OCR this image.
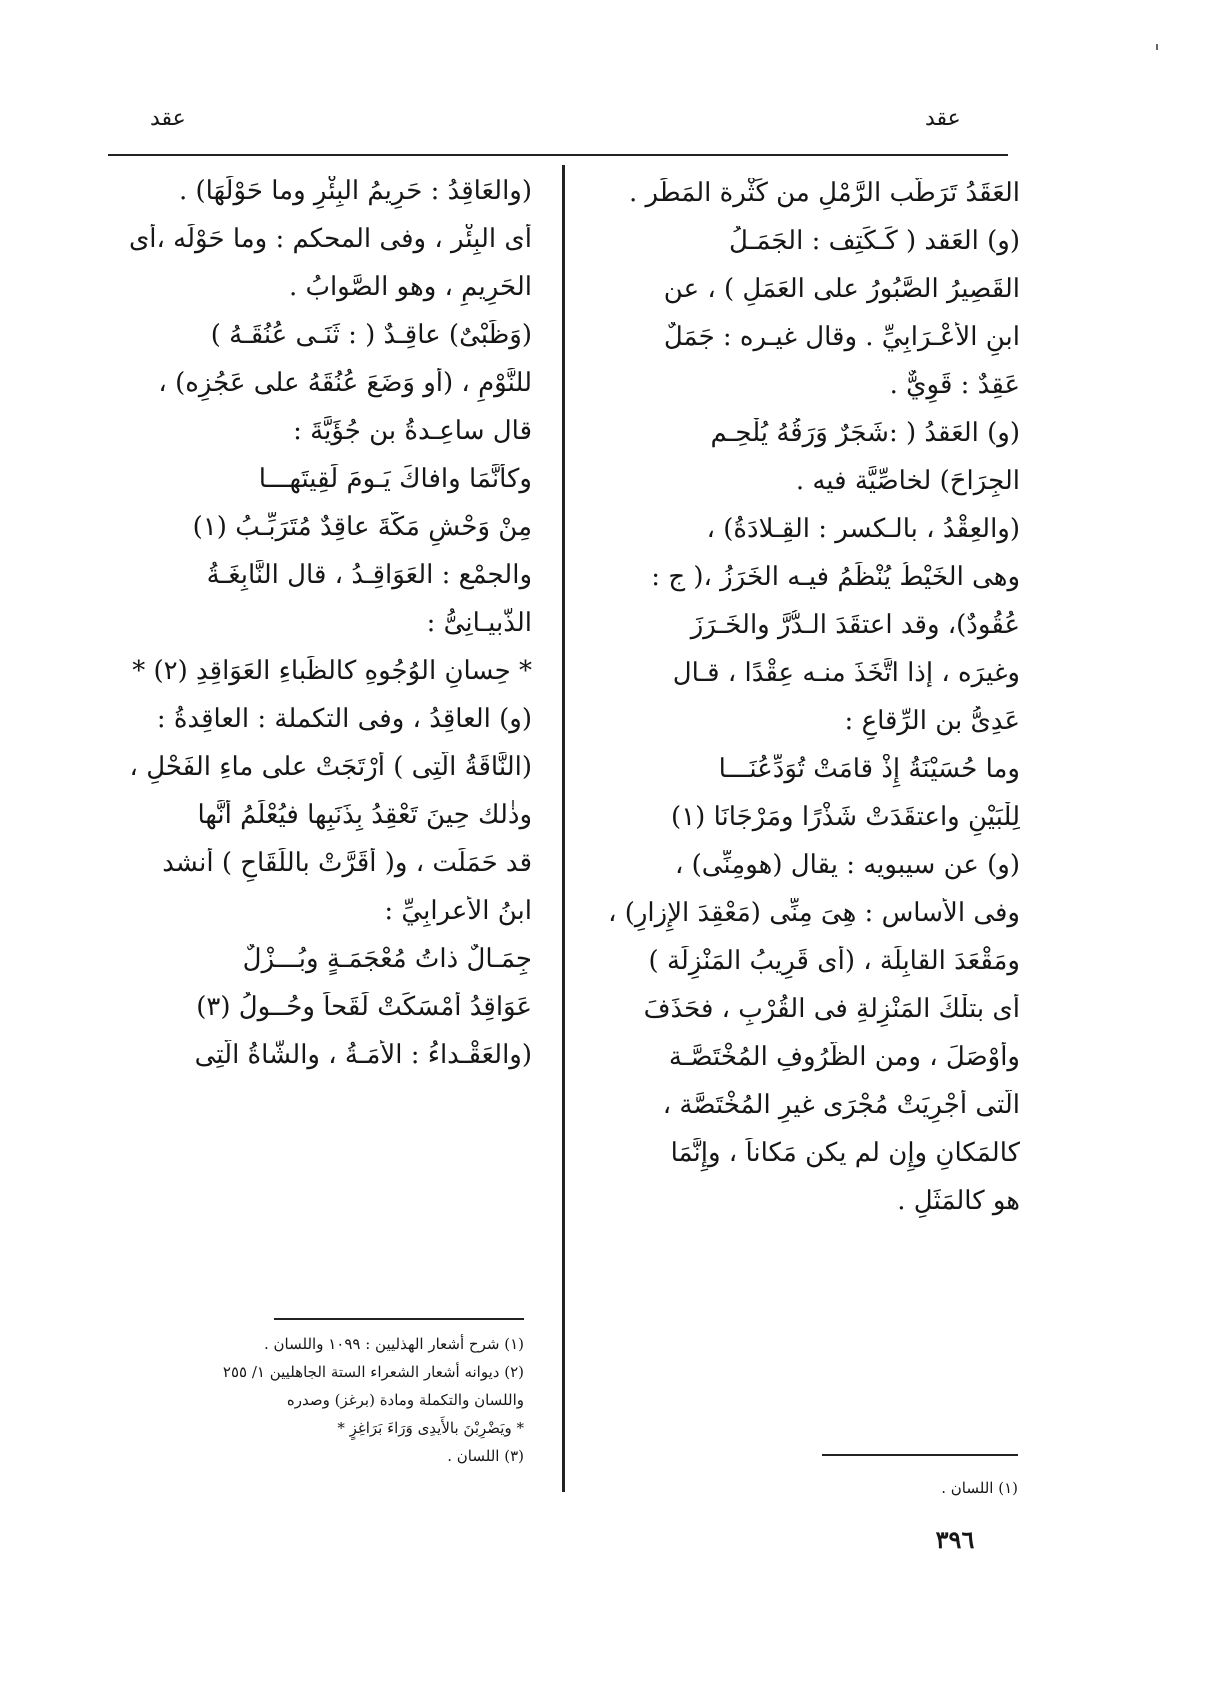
عقد
عقد
العَقَدُ تَرَطُّب الرَّمْلِ من كَثْرة المَطَر .
(و) العَقد ( كَـكَتِف : الجَمَـلُ
القَصِيرُ الصَّبُورُ على العَمَلِ ) ، عن
ابنِ الأَعْـرَابِيِّ . وقال غيـره : جَمَلٌ
عَقِدٌ : قَوِيٌّ .
(و) العَقدُ ( :شَجَرٌ وَرَقُهُ يُلْحِـم
الجِرَاحَ) لخاصِّيَّة فيه .
(والعِقْدُ ، بالـكسر : القِـلادَةُ) ،
وهى الخَيْطُ يُنْظَمُ فيـه الخَرَزُ ،( ج :
عُقُودٌ)، وقد اعتقَدَ الـدُّرَّ والخَـرَزَ
وغيرَه ، إذا اتَّخَذَ منـه عِقْدًا ، قـال
عَدِىُّ بن الرِّقاعِ :
وما حُسَيْنَةُ إِذْ قامَتْ تُوَدِّعُنَـــا
لِلْبَيْنِ واعتقَدَتْ شَذْرًا ومَرْجَانَا (١)
(و) عن سيبويه : يقال (هومِنِّى) ،
وفى الأَساس : هِىَ مِنِّى (مَعْقِدَ الإِزارِ) ،
ومَقْعَدَ القابِلَة ، (أَى قَرِيبُ المَنْزِلَة )
أَى بتلْكَ المَنْزِلةِ فى القُرْبِ ، فحَذَفَ
وأَوْصَلَ ، ومن الظُّرُوفِ المُخْتَصَّـة
الَّتى أُجْرِيَتْ مُجْرَى غيرِ المُخْتَصَّة ،
كالمَكانِ وإِن لم يكن مَكاناً ، وإِنَّمَا
هو كالمَثَلِ .
(والعَاقِدُ : حَرِيمُ البِئْرِ وما حَوْلَهَا) .
أَى البِئْر ، وفى المحكم : وما حَوْلَه ،أَى
الحَرِيمِ ، وهو الصَّوابُ .
(وَظَبْىٌ) عاقِـدٌ ( : ثَنَـى عُنُقَـهُ )
للنَّوْمِ ، (أَو وَضَعَ عُنُقَهُ على عَجُزِه) ،
قال ساعِـدةُ بن جُؤَيَّةَ :
وكأَنَّمَا وافاكَ يَـومَ لَقِيتَهـــا
مِنْ وَحْشِ مَكَّةَ عاقِدٌ مُتَرَبِّـبُ (١)
والجمْع : العَوَاقِـدُ ، قال النَّابِغَـةُ
الذُّبيـانِىُّ :
* حِسانِ الوُجُوهِ كالظِّباءِ العَوَاقِدِ (٢) *
(و) العاقِدُ ، وفى التكملة : العاقِدةُ :
(النَّاقَةُ الَّتِى ) أَرْتَجَتْ على ماءِ الفَحْلِ ،
وذٰلك حِينَ تَعْقِدُ بِذَنَبِها فيُعْلَمُ أَنَّها
قد حَمَلَت ، و( أَقَرَّتْ باللِّقَاحِ ) أَنشد
ابنُ الأَعرابِيِّ :
جِمَـالٌ ذاتُ مُعْجَمَـةٍ وبُـــزْلٌ
عَوَاقِدُ أَمْسَكَتْ لَقَحاً وحُــولُ (٣)
(والعَقْـداءُ : الأَمَـةُ ، والشَّاةُ الَّتِى
(١) اللسان .
(١) شرح أشعار الهذليين : ١٠٩٩ واللسان .
(٢) ديوانه أشعار الشعراء الستة الجاهليين ١/ ٢٥٥
واللسان والتكملة ومادة (برغز) وصدره
* ويَضْرِبْنَ بالأَيدِى وَرَاءَ بَرَاغِزٍ *
(٣) اللسان .
٣٩٦
